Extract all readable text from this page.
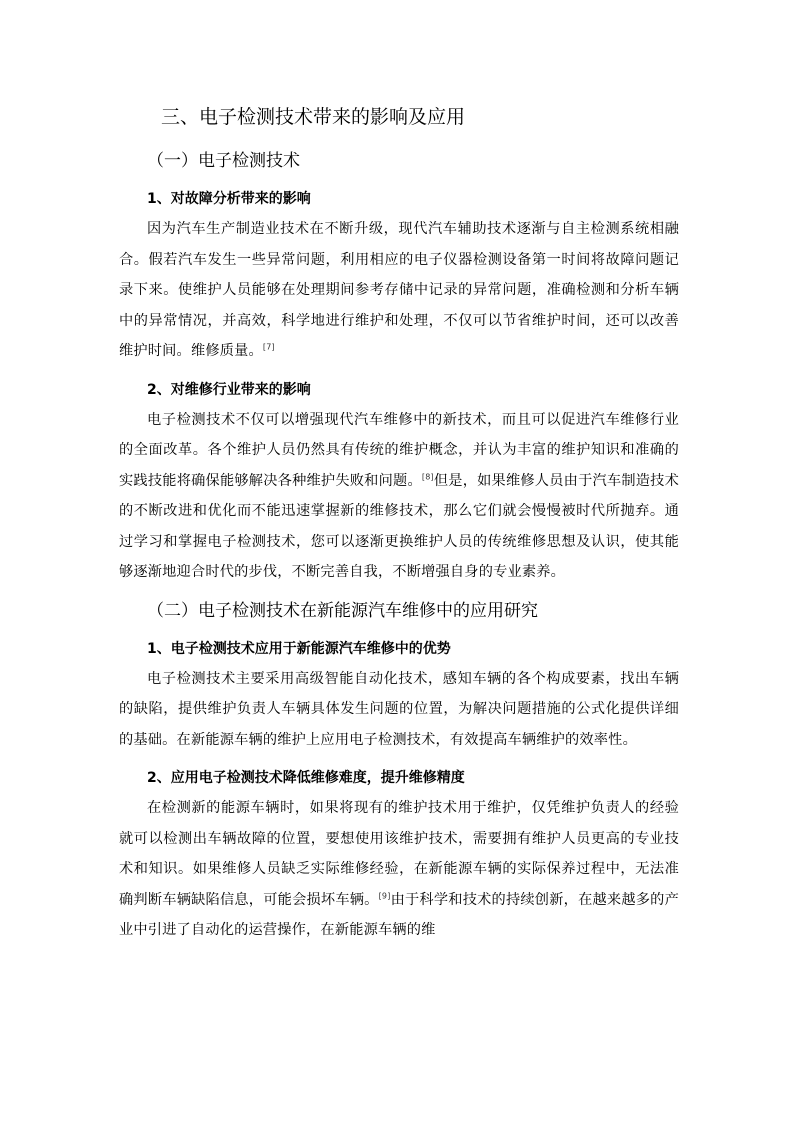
三、电子检测技术带来的影响及应用
（一）电子检测技术
1、对故障分析带来的影响

因为汽车生产制造业技术在不断升级，现代汽车辅助技术逐渐与自主检测系统相融合。假若汽车发生一些异常问题，利用相应的电子仪器检测设备第一时间将故障问题记录下来。使维护人员能够在处理期间参考存储中记录的异常问题，准确检测和分析车辆中的异常情况，并高效，科学地进行维护和处理，不仅可以节省维护时间，还可以改善维护时间。维修质量。[7]

2、对维修行业带来的影响

电子检测技术不仅可以增强现代汽车维修中的新技术，而且可以促进汽车维修行业的全面改革。各个维护人员仍然具有传统的维护概念，并认为丰富的维护知识和准确的实践技能将确保能够解决各种维护失败和问题。[8]但是，如果维修人员由于汽车制造技术的不断改进和优化而不能迅速掌握新的维修技术，那么它们就会慢慢被时代所抛弃。通过学习和掌握电子检测技术，您可以逐渐更换维护人员的传统维修思想及认识，使其能够逐渐地迎合时代的步伐，不断完善自我，不断增强自身的专业素养。

（二）电子检测技术在新能源汽车维修中的应用研究
1、电子检测技术应用于新能源汽车维修中的优势

电子检测技术主要采用高级智能自动化技术，感知车辆的各个构成要素，找出车辆的缺陷，提供维护负责人车辆具体发生问题的位置，为解决问题措施的公式化提供详细的基础。在新能源车辆的维护上应用电子检测技术，有效提高车辆维护的效率性。

2、应用电子检测技术降低维修难度，提升维修精度

在检测新的能源车辆时，如果将现有的维护技术用于维护，仅凭维护负责人的经验就可以检测出车辆故障的位置，要想使用该维护技术，需要拥有维护人员更高的专业技术和知识。如果维修人员缺乏实际维修经验，在新能源车辆的实际保养过程中，无法准确判断车辆缺陷信息，可能会损坏车辆。[9]由于科学和技术的持续创新，在越来越多的产业中引进了自动化的运营操作，在新能源车辆的维
